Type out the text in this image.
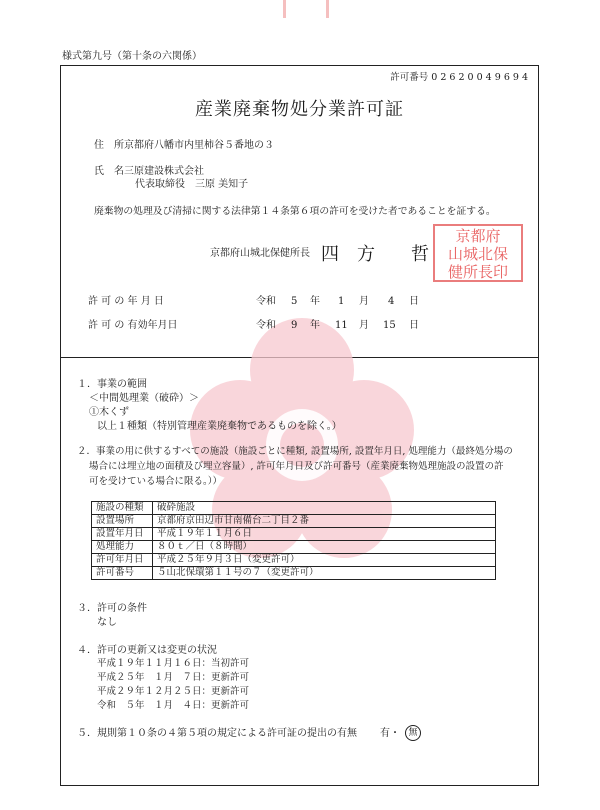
様式第九号（第十条の六関係）
許可番号 0 2 6 2 0 0 4 9 6 9 4
産業廃棄物処分業許可証
住　所 京都府八幡市内里柿谷５番地の３
氏　名 三原建設株式会社
代表取締役　三原 美知子
廃棄物の処理及び清掃に関する法律第１４条第６項の許可を受けた者であることを証する。
京都府山城北保健所長 四　方　　哲
京都府
山城北保
健所長印
許 可 の 年 月 日	令和 5 年 1 月 4 日
許 可 の 有効年月日	令和 9 年 11 月 15 日
１．事業の範囲
＜中間処理業（破砕）＞
①木くず
以上１種類（特別管理産業廃棄物であるものを除く。）
２．事業の用に供するすべての施設（施設ごとに種類, 設置場所, 設置年月日, 処理能力（最終処分場の
場合には埋立地の面積及び埋立容量）, 許可年月日及び許可番号（産業廃棄物処理施設の設置の許
可を受けている場合に限る。））
施設の種類	破砕施設
設置場所	京都府京田辺市甘南備台二丁目２番
設置年月日	平成１９年１１月６日
処理能力	８０ｔ／日（８時間）
許可年月日	平成２５年９月３日（変更許可）
許可番号	５山北保環第１１号の７（変更許可）
３．許可の条件
なし
４．許可の更新又は変更の状況
平成１９年１１月１６日：当初許可
平成２５年　１月　７日：更新許可
平成２９年１２月２５日：更新許可
令和　５年　１月　４日：更新許可
５．規則第１０条の４第５項の規定による許可証の提出の有無 有・ 無
